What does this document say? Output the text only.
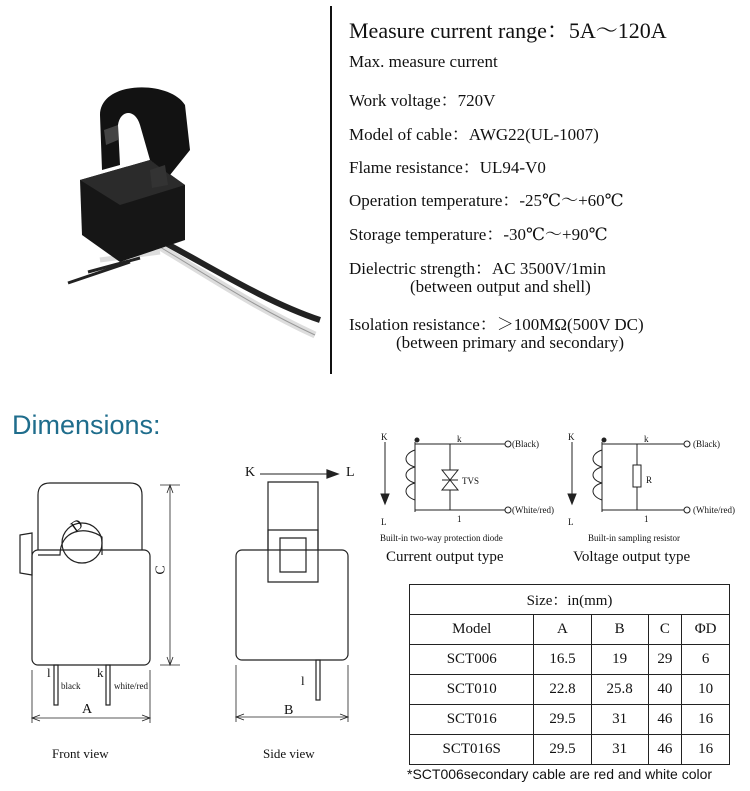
Measure current range：5A～120A
Max. measure current
Work voltage：720V
Model of cable：AWG22(UL-1007)
Flame resistance：UL94-V0
Operation temperature：-25℃～+60℃
Storage temperature：-30℃～+90℃
Dielectric strength：AC 3500V/1min
(between output and shell)
Isolation resistance：＞100MΩ(500V DC)
(between primary and secondary)
Dimensions:
D
C
A
l	k
black	white/red
Front view
K	L
l
B
Side view
K
L
k
1
(Black)
(White/red)
TVS
Built-in two-way protection diode
Current output type
K
L
k
1
(Black)
(White/red)
R
Built-in sampling resistor
Voltage output type
Size：in(mm)				
Model	A	B	C	ΦD
SCT006	16.5	19	29	6
SCT010	22.8	25.8	40	10
SCT016	29.5	31	46	16
SCT016S	29.5	31	46	16
*SCT006secondary cable are red and white color
